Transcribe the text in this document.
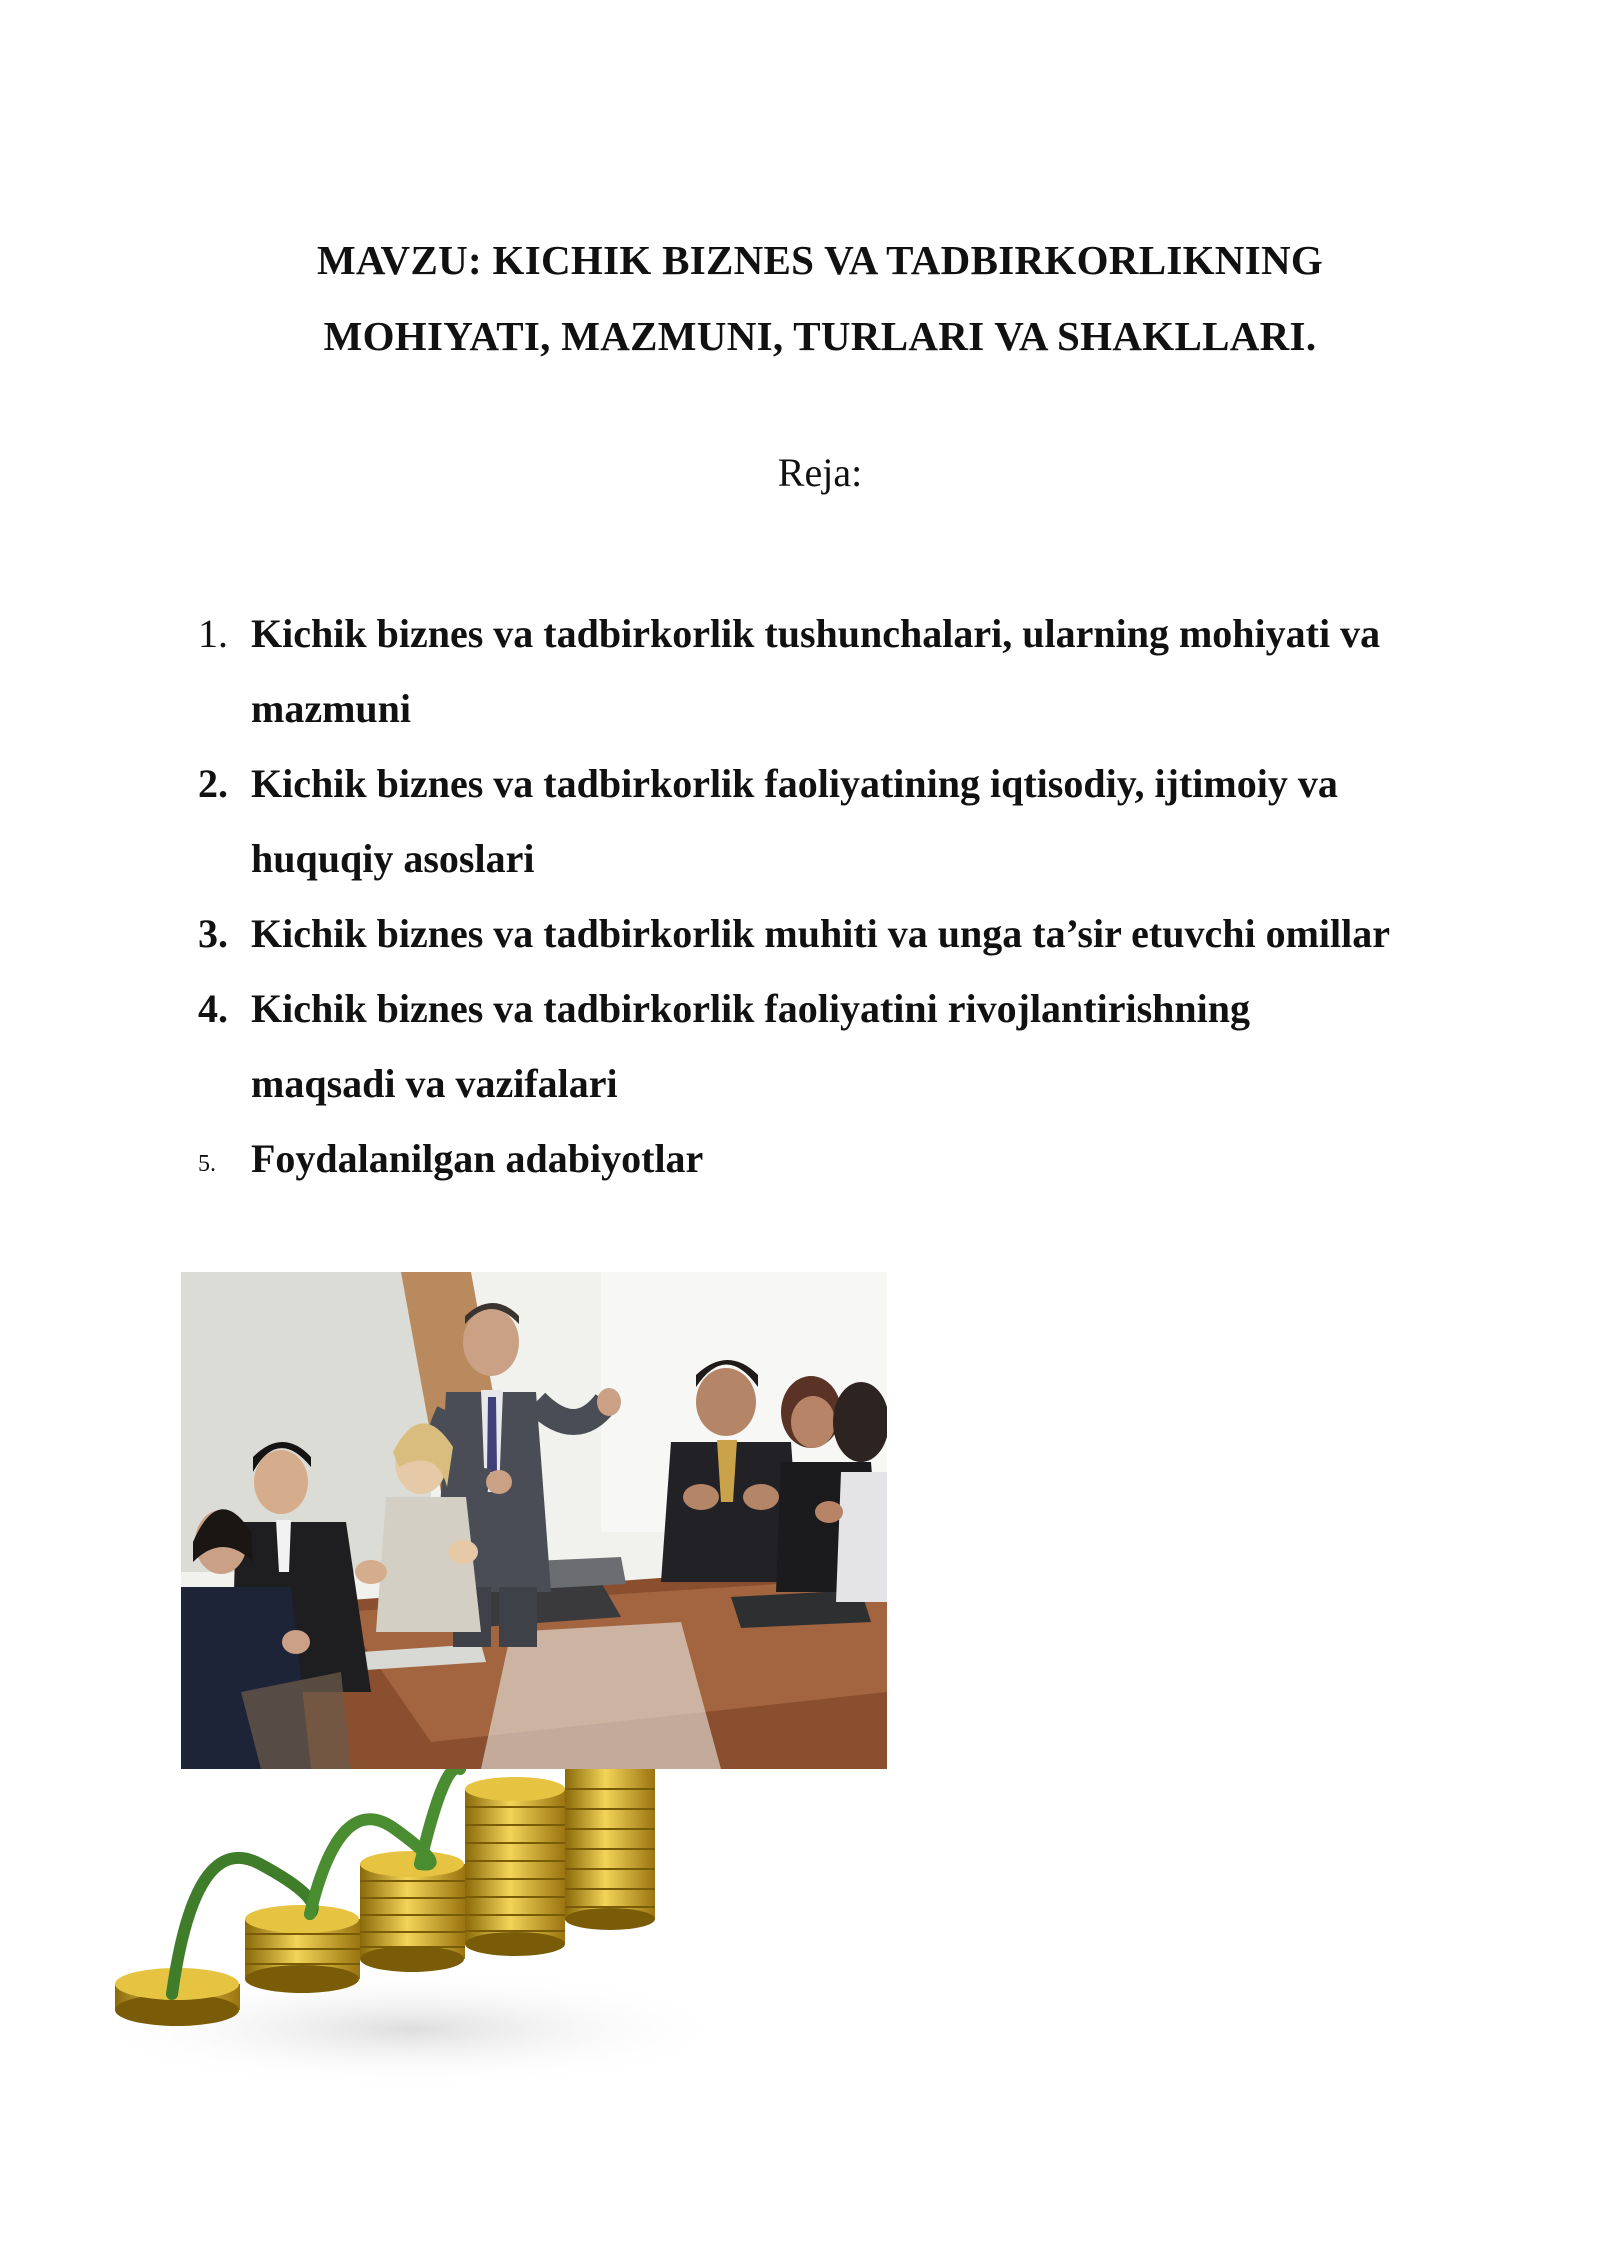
MAVZU: KICHIK BIZNES VA TADBIRKORLIKNING
MOHIYATI, MAZMUNI, TURLARI VA SHAKLLARI.
Reja:
1. Kichik biznes va tadbirkorlik tushunchalari, ularning mohiyati va
mazmuni
2. Kichik biznes va tadbirkorlik faoliyatining iqtisodiy, ijtimoiy va
huquqiy asoslari
3. Kichik biznes va tadbirkorlik muhiti va unga ta’sir etuvchi omillar
4. Kichik biznes va tadbirkorlik faoliyatini rivojlantirishning
maqsadi va vazifalari
5. Foydalanilgan adabiyotlar
